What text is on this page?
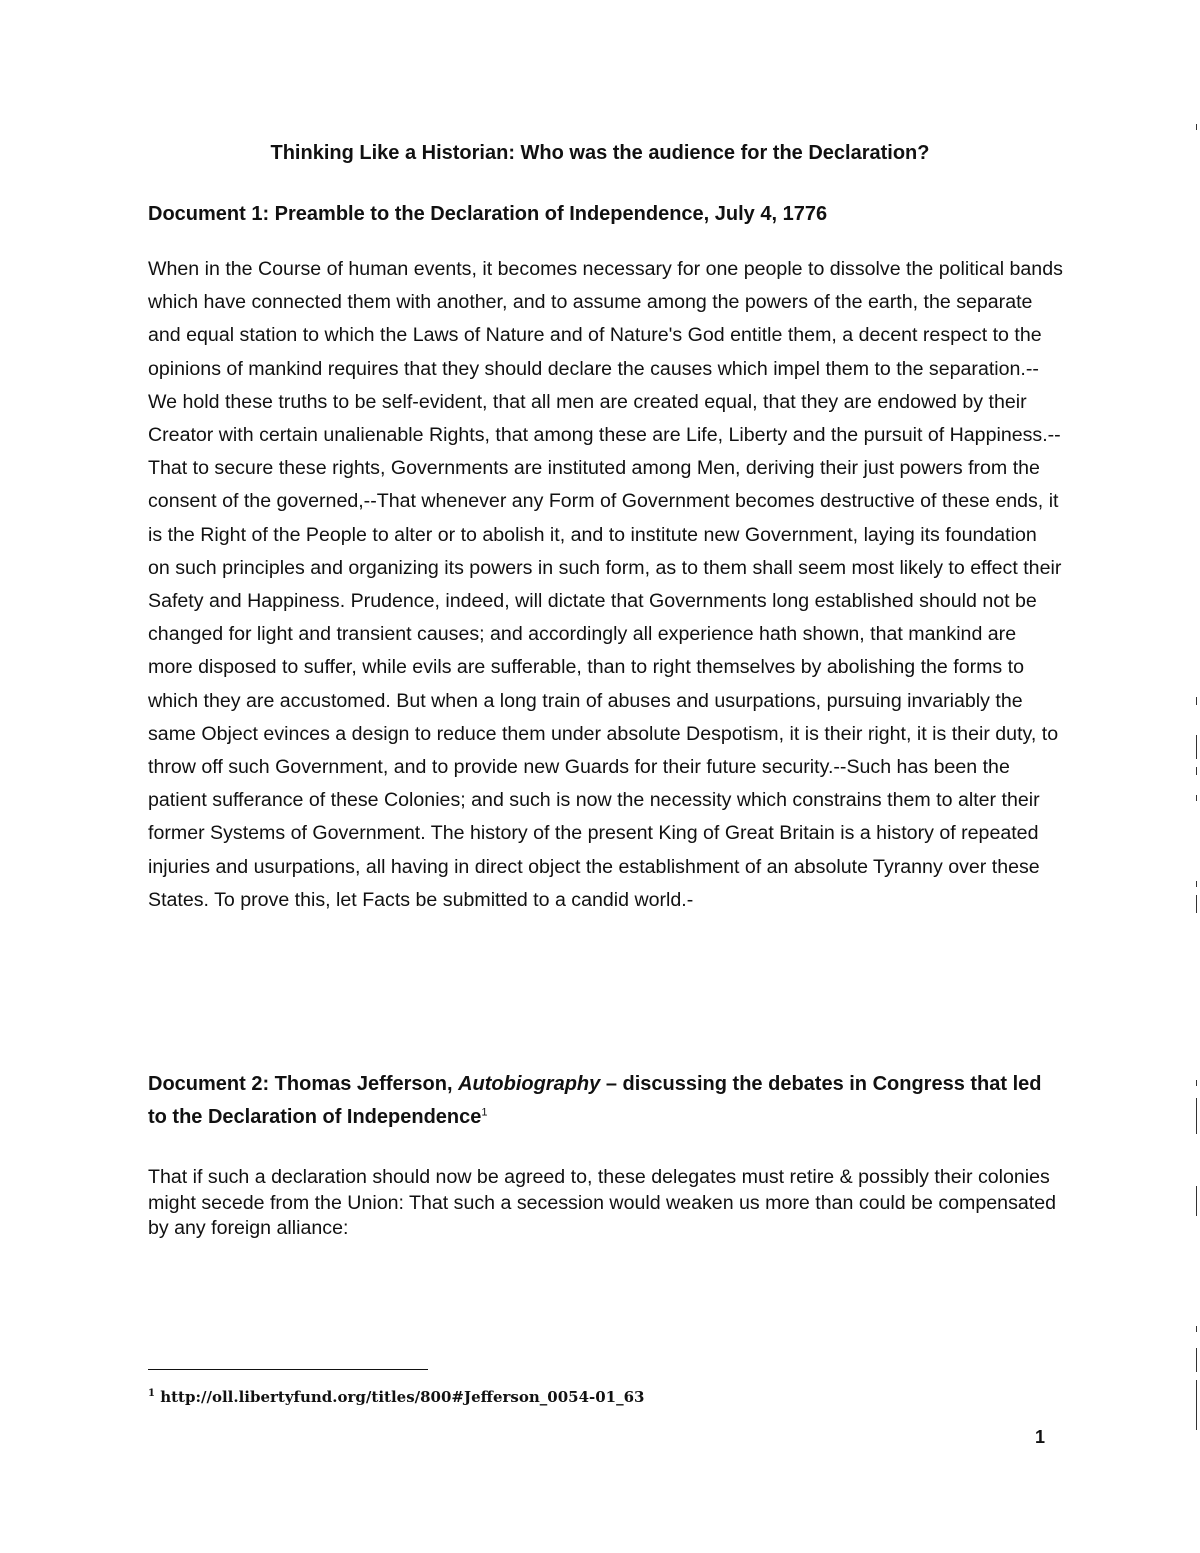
Thinking Like a Historian: Who was the audience for the Declaration?
Document 1: Preamble to the Declaration of Independence, July 4, 1776

When in the Course of human events, it becomes necessary for one people to dissolve the political bands which have connected them with another, and to assume among the powers of the earth, the separate and equal station to which the Laws of Nature and of Nature's God entitle them, a decent respect to the opinions of mankind requires that they should declare the causes which impel them to the separation.--We hold these truths to be self-evident, that all men are created equal, that they are endowed by their Creator with certain unalienable Rights, that among these are Life, Liberty and the pursuit of Happiness.--That to secure these rights, Governments are instituted among Men, deriving their just powers from the consent of the governed,--That whenever any Form of Government becomes destructive of these ends, it is the Right of the People to alter or to abolish it, and to institute new Government, laying its foundation on such principles and organizing its powers in such form, as to them shall seem most likely to effect their Safety and Happiness. Prudence, indeed, will dictate that Governments long established should not be changed for light and transient causes; and accordingly all experience hath shown, that mankind are more disposed to suffer, while evils are sufferable, than to right themselves by abolishing the forms to which they are accustomed. But when a long train of abuses and usurpations, pursuing invariably the same Object evinces a design to reduce them under absolute Despotism, it is their right, it is their duty, to throw off such Government, and to provide new Guards for their future security.--Such has been the patient sufferance of these Colonies; and such is now the necessity which constrains them to alter their former Systems of Government. The history of the present King of Great Britain is a history of repeated injuries and usurpations, all having in direct object the establishment of an absolute Tyranny over these States. To prove this, let Facts be submitted to a candid world.-

Document 2: Thomas Jefferson, Autobiography – discussing the debates in Congress that led to the Declaration of Independence$^1$

That if such a declaration should now be agreed to, these delegates must retire & possibly their colonies might secede from the Union: That such a secession would weaken us more than could be compensated by any foreign alliance:

$^1$ http://oll.libertyfund.org/titles/800#Jefferson_0054-01_63

1
